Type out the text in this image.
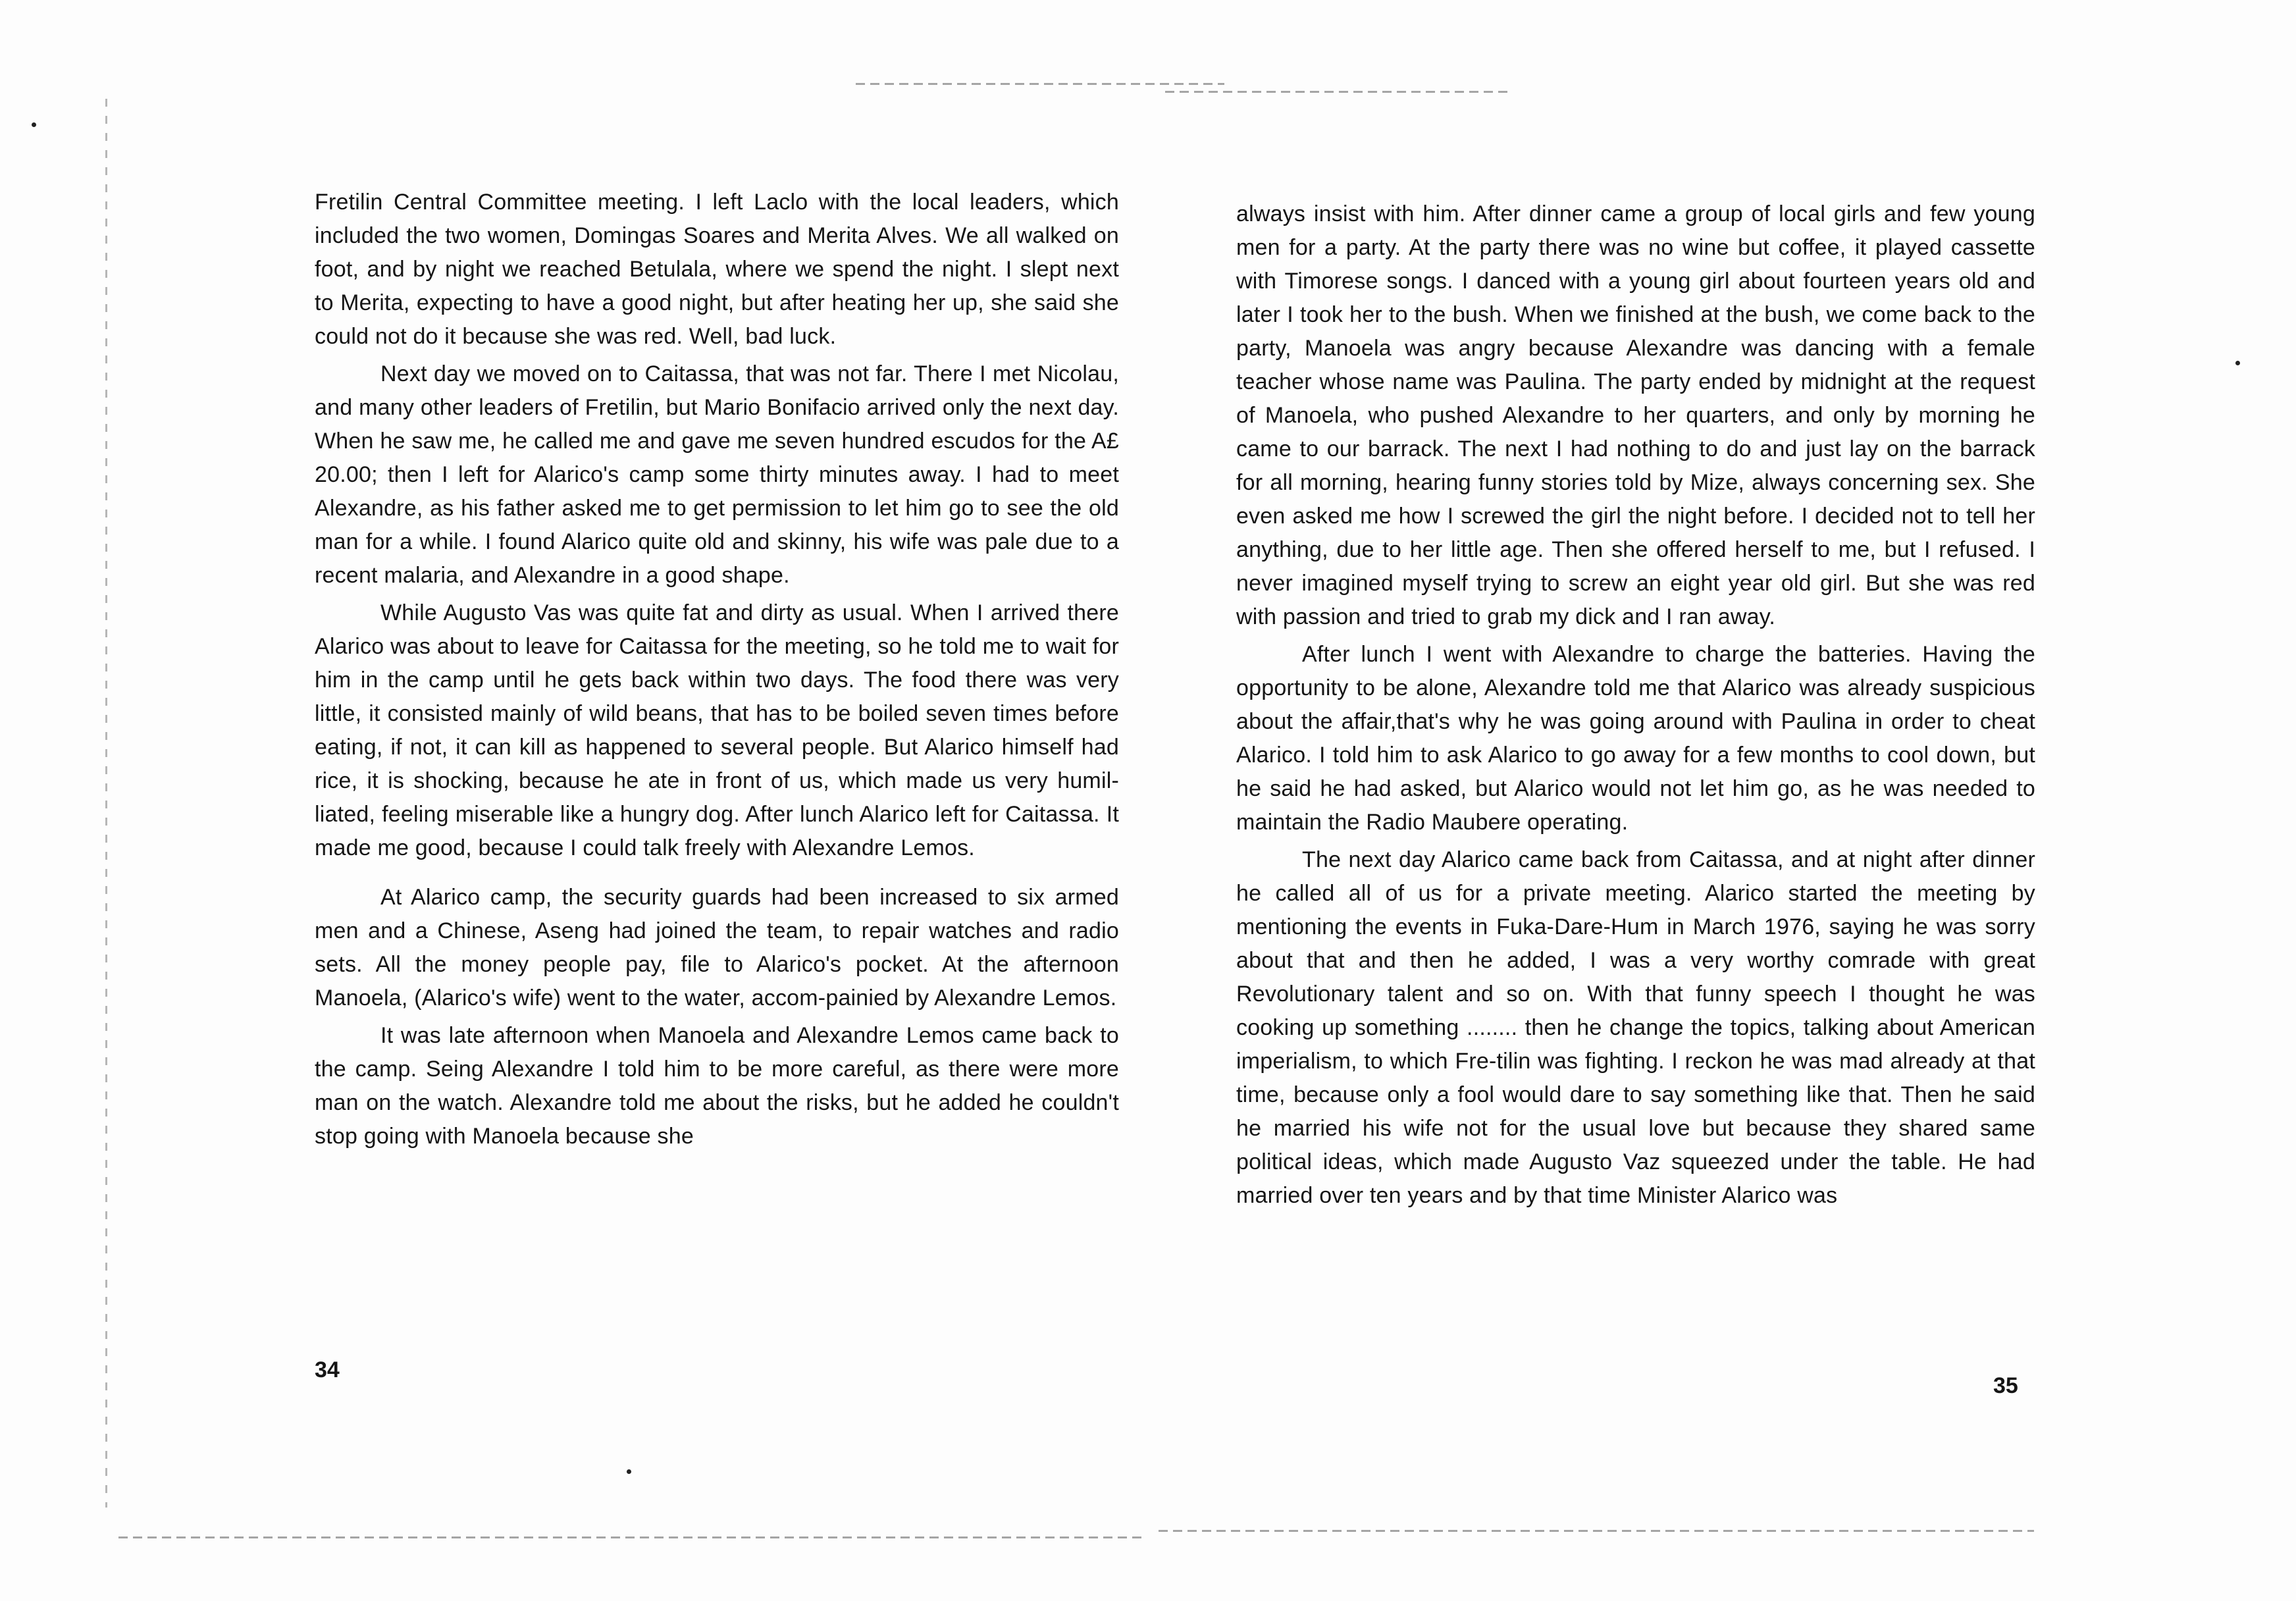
Fretilin Central Committee meeting. I left Laclo with the local leaders, which included the two women, Domingas Soares and Merita Alves. We all walked on foot, and by night we reached Betulala, where we spend the night. I slept next to Merita, expecting to have a good night, but after heating her up, she said she could not do it because she was red. Well, bad luck.

Next day we moved on to Caitassa, that was not far. There I met Nicolau, and many other leaders of Fretilin, but Mario Bonifacio arrived only the next day. When he saw me, he called me and gave me seven hundred escudos for the A£ 20.00; then I left for Alarico's camp some thirty minutes away. I had to meet Alexandre, as his father asked me to get permission to let him go to see the old man for a while. I found Alarico quite old and skinny, his wife was pale due to a recent malaria, and Alexandre in a good shape.

While Augusto Vas was quite fat and dirty as usual. When I arrived there Alarico was about to leave for Caitassa for the meeting, so he told me to wait for him in the camp until he gets back within two days. The food there was very little, it consisted mainly of wild beans, that has to be boiled seven times before eating, if not, it can kill as happened to several people. But Alarico himself had rice, it is shocking, because he ate in front of us, which made us very humil-liated, feeling miserable like a hungry dog. After lunch Alarico left for Caitassa. It made me good, because I could talk freely with Alexandre Lemos.

At Alarico camp, the security guards had been increased to six armed men and a Chinese, Aseng had joined the team, to repair watches and radio sets. All the money people pay, file to Alarico's pocket. At the afternoon Manoela, (Alarico's wife) went to the water, accom-painied by Alexandre Lemos.

It was late afternoon when Manoela and Alexandre Lemos came back to the camp. Seing Alexandre I told him to be more careful, as there were more man on the watch. Alexandre told me about the risks, but he added he couldn't stop going with Manoela because she

34

always insist with him. After dinner came a group of local girls and few young men for a party. At the party there was no wine but coffee, it played cassette with Timorese songs. I danced with a young girl about fourteen years old and later I took her to the bush. When we finished at the bush, we come back to the party, Manoela was angry because Alexandre was dancing with a female teacher whose name was Paulina. The party ended by midnight at the request of Manoela, who pushed Alexandre to her quarters, and only by morning he came to our barrack. The next I had nothing to do and just lay on the barrack for all morning, hearing funny stories told by Mize, always concerning sex. She even asked me how I screwed the girl the night before. I decided not to tell her anything, due to her little age. Then she offered herself to me, but I refused. I never imagined myself trying to screw an eight year old girl. But she was red with passion and tried to grab my dick and I ran away.

After lunch I went with Alexandre to charge the batteries. Having the opportunity to be alone, Alexandre told me that Alarico was already suspicious about the affair,that's why he was going around with Paulina in order to cheat Alarico. I told him to ask Alarico to go away for a few months to cool down, but he said he had asked, but Alarico would not let him go, as he was needed to maintain the Radio Maubere operating.

The next day Alarico came back from Caitassa, and at night after dinner he called all of us for a private meeting. Alarico started the meeting by mentioning the events in Fuka-Dare-Hum in March 1976, saying he was sorry about that and then he added, I was a very worthy comrade with great Revolutionary talent and so on. With that funny speech I thought he was cooking up something ........ then he change the topics, talking about American imperialism, to which Fre-tilin was fighting. I reckon he was mad already at that time, because only a fool would dare to say something like that. Then he said he married his wife not for the usual love but because they shared same political ideas, which made Augusto Vaz squeezed under the table. He had married over ten years and by that time Minister Alarico was

35
